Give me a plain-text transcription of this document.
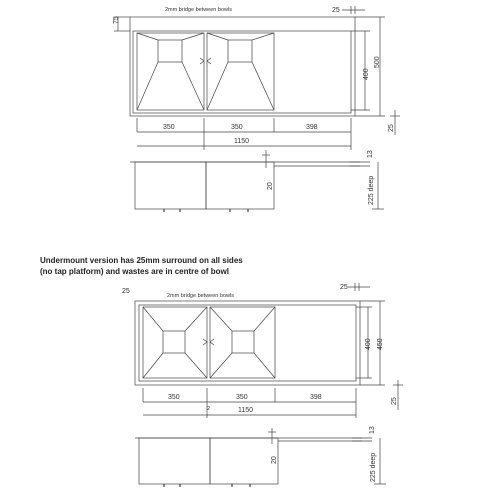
2mm bridge between bowls
75
25
400
500
25
350	350	398
1150
20
13
225 deep
2mm bridge between bowls
25
25
400 450
25
350	350	398
2	1150
20
13
225 deep
Undermount version has 25mm surround on all sides
(no tap platform) and wastes are in centre of bowl
